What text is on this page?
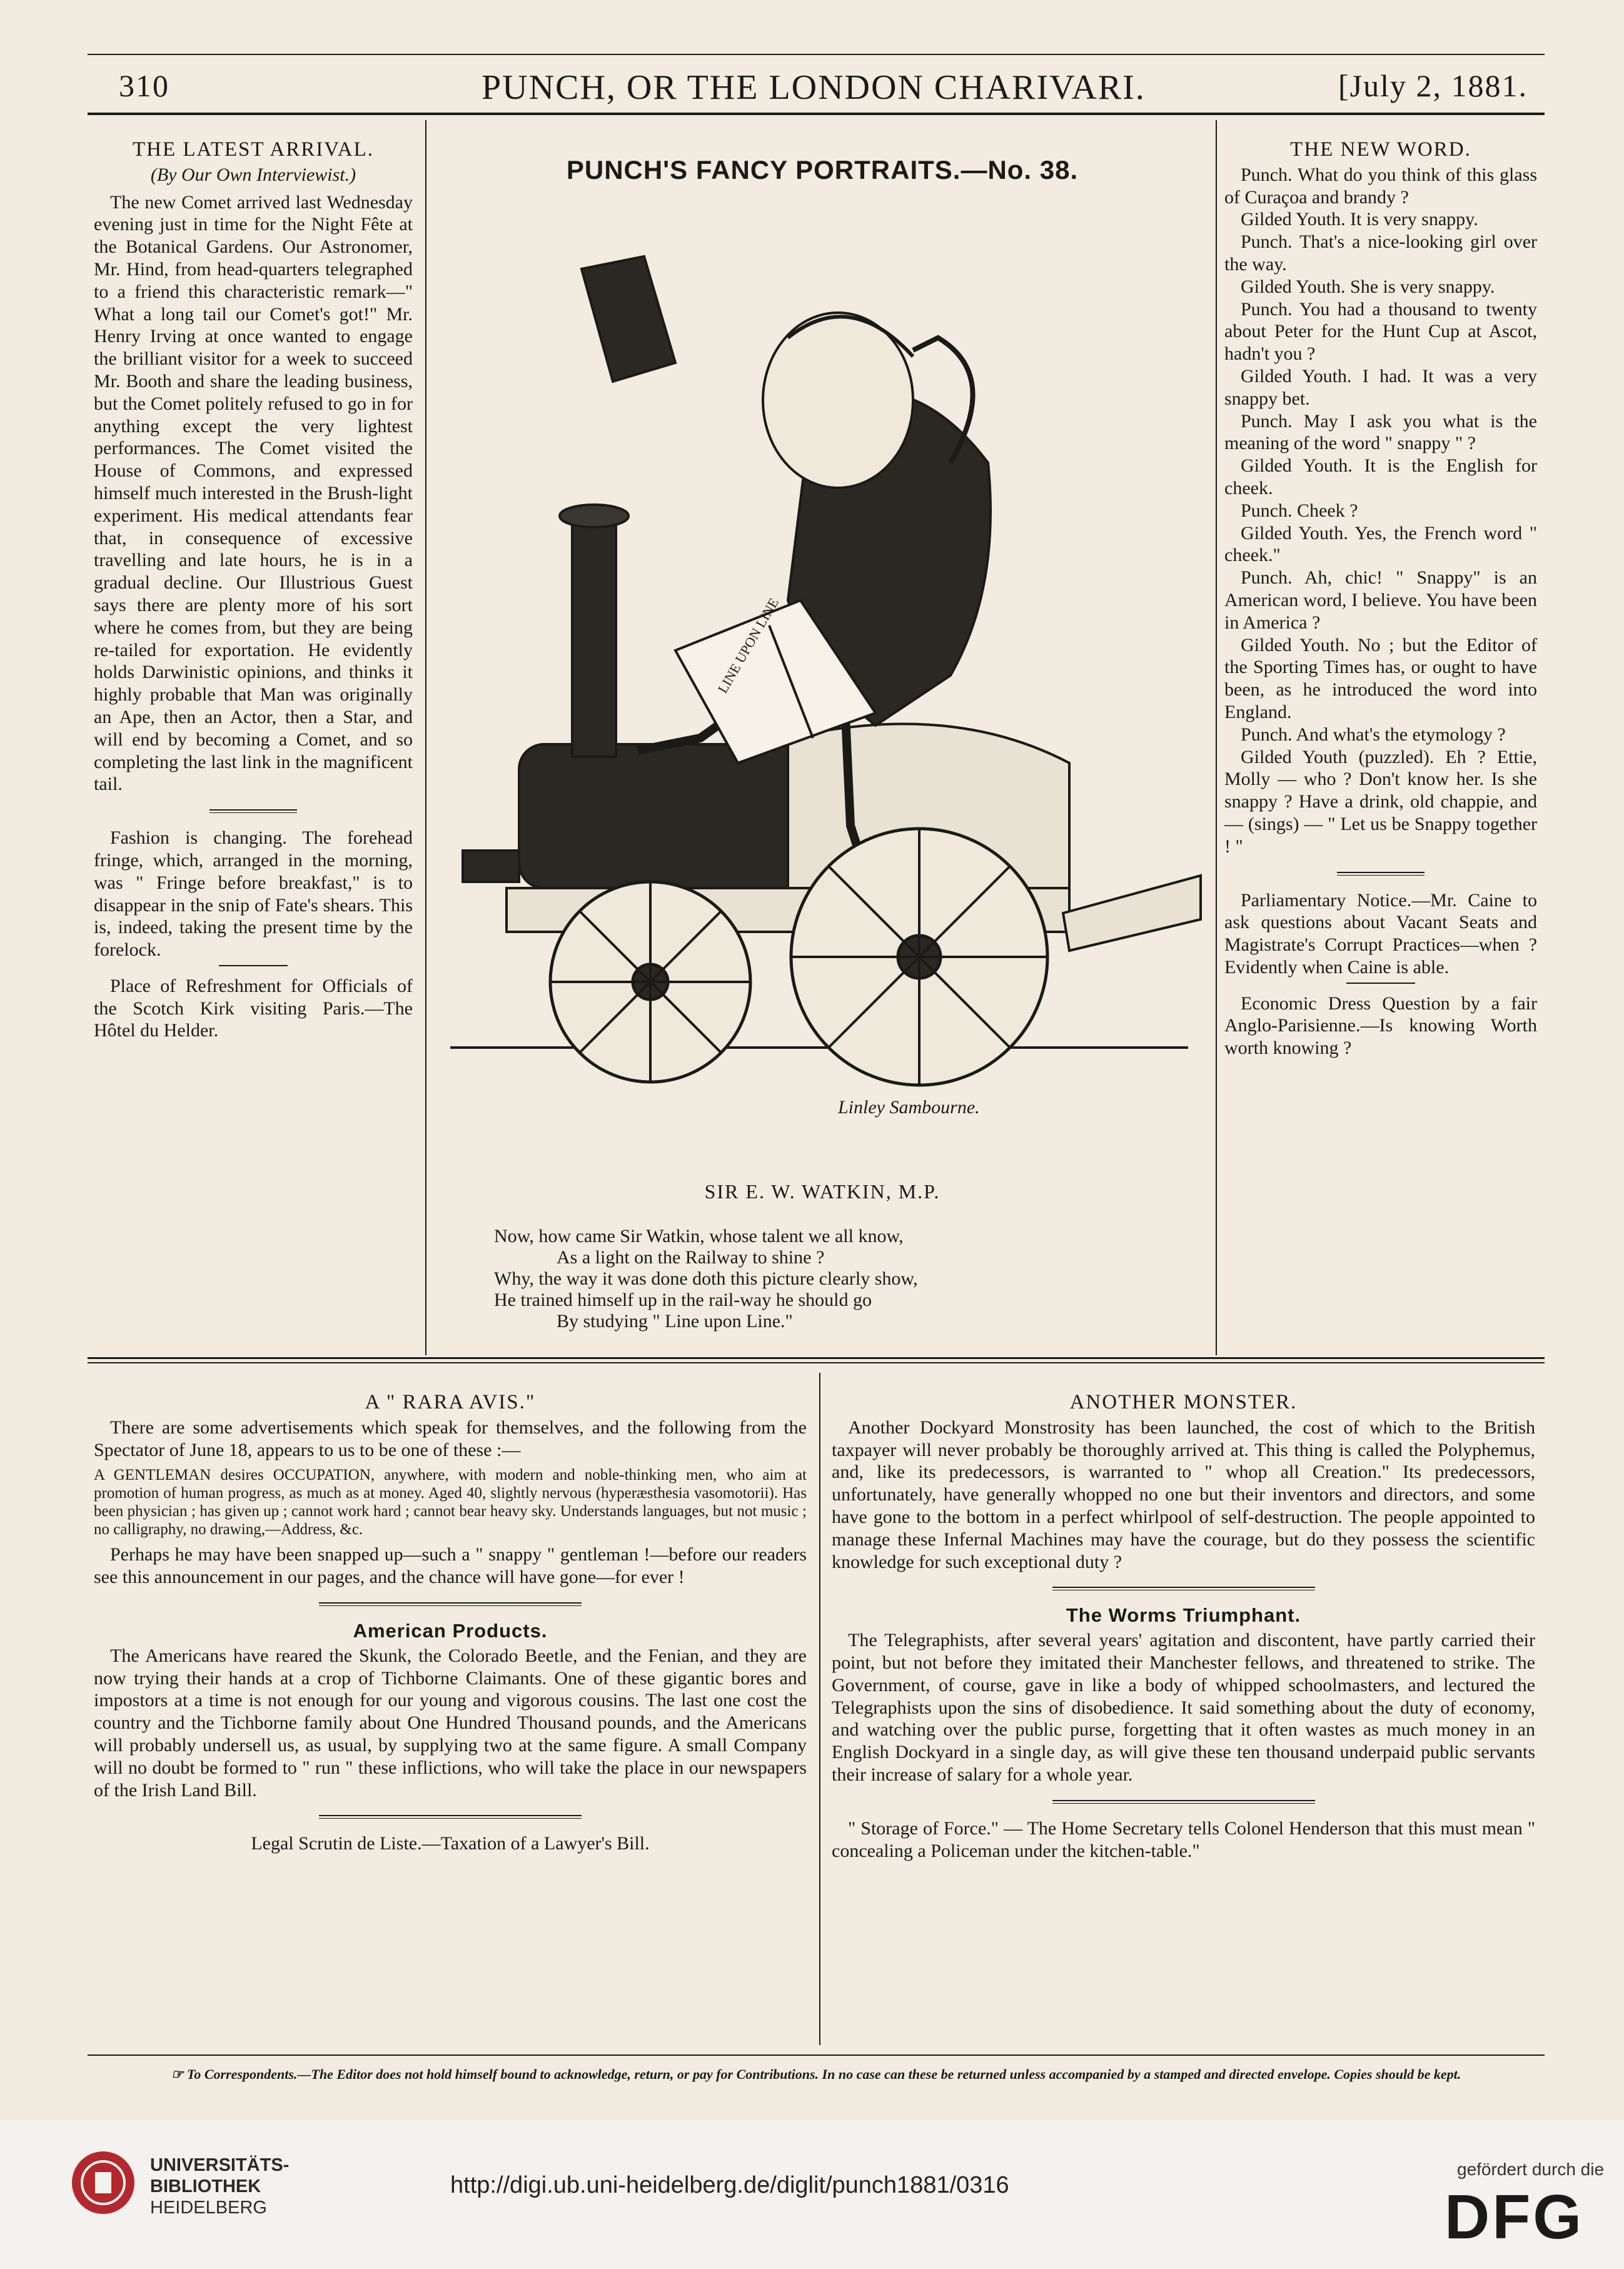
310	PUNCH, OR THE LONDON CHARIVARI.	[July 2, 1881.
THE LATEST ARRIVAL.
(By Our Own Interviewist.)

The new Comet arrived last Wednesday evening just in time for the Night Fête at the Botanical Gardens. Our Astronomer, Mr. Hind, from head-quarters telegraphed to a friend this characteristic remark—" What a long tail our Comet's got!" Mr. Henry Irving at once wanted to engage the brilliant visitor for a week to succeed Mr. Booth and share the leading business, but the Comet politely refused to go in for anything except the very lightest performances. The Comet visited the House of Commons, and expressed himself much interested in the Brush-light experiment. His medical attendants fear that, in consequence of excessive travelling and late hours, he is in a gradual decline. Our Illustrious Guest says there are plenty more of his sort where he comes from, but they are being re-tailed for exportation. He evidently holds Darwinistic opinions, and thinks it highly probable that Man was originally an Ape, then an Actor, then a Star, and will end by becoming a Comet, and so completing the last link in the magnificent tail.

Fashion is changing. The forehead fringe, which, arranged in the morning, was " Fringe before breakfast," is to disappear in the snip of Fate's shears. This is, indeed, taking the present time by the forelock.

Place of Refreshment for Officials of the Scotch Kirk visiting Paris.—The Hôtel du Helder.

PUNCH'S FANCY PORTRAITS.—No. 38.
LINE UPON LINE
Linley Sambourne.
SIR E. W. WATKIN, M.P.
Now, how came Sir Watkin, whose talent we all know,
As a light on the Railway to shine ?
Why, the way it was done doth this picture clearly show,
He trained himself up in the rail-way he should go
By studying " Line upon Line."
THE NEW WORD.

Punch. What do you think of this glass of Curaçoa and brandy ?

Gilded Youth. It is very snappy.

Punch. That's a nice-looking girl over the way.

Gilded Youth. She is very snappy.

Punch. You had a thousand to twenty about Peter for the Hunt Cup at Ascot, hadn't you ?

Gilded Youth. I had. It was a very snappy bet.

Punch. May I ask you what is the meaning of the word " snappy " ?

Gilded Youth. It is the English for cheek.

Punch. Cheek ?

Gilded Youth. Yes, the French word " cheek."

Punch. Ah, chic! " Snappy" is an American word, I believe. You have been in America ?

Gilded Youth. No ; but the Editor of the Sporting Times has, or ought to have been, as he introduced the word into England.

Punch. And what's the etymology ?

Gilded Youth (puzzled). Eh ? Ettie, Molly — who ? Don't know her. Is she snappy ? Have a drink, old chappie, and — (sings) — " Let us be Snappy together ! "

Parliamentary Notice.—Mr. Caine to ask questions about Vacant Seats and Magistrate's Corrupt Practices—when ? Evidently when Caine is able.

Economic Dress Question by a fair Anglo-Parisienne.—Is knowing Worth worth knowing ?

A " RARA AVIS."

There are some advertisements which speak for themselves, and the following from the Spectator of June 18, appears to us to be one of these :—

A GENTLEMAN desires OCCUPATION, anywhere, with modern and noble-thinking men, who aim at promotion of human progress, as much as at money. Aged 40, slightly nervous (hyperæsthesia vasomotorii). Has been physician ; has given up ; cannot work hard ; cannot bear heavy sky. Understands languages, but not music ; no calligraphy, no drawing,—Address, &c.

Perhaps he may have been snapped up—such a " snappy " gentleman !—before our readers see this announcement in our pages, and the chance will have gone—for ever !

American Products.

The Americans have reared the Skunk, the Colorado Beetle, and the Fenian, and they are now trying their hands at a crop of Tichborne Claimants. One of these gigantic bores and impostors at a time is not enough for our young and vigorous cousins. The last one cost the country and the Tichborne family about One Hundred Thousand pounds, and the Americans will probably undersell us, as usual, by supplying two at the same figure. A small Company will no doubt be formed to " run " these inflictions, who will take the place in our newspapers of the Irish Land Bill.

Legal Scrutin de Liste.—Taxation of a Lawyer's Bill.
ANOTHER MONSTER.

Another Dockyard Monstrosity has been launched, the cost of which to the British taxpayer will never probably be thoroughly arrived at. This thing is called the Polyphemus, and, like its predecessors, is warranted to " whop all Creation." Its predecessors, unfortunately, have generally whopped no one but their inventors and directors, and some have gone to the bottom in a perfect whirlpool of self-destruction. The people appointed to manage these Infernal Machines may have the courage, but do they possess the scientific knowledge for such exceptional duty ?

The Worms Triumphant.

The Telegraphists, after several years' agitation and discontent, have partly carried their point, but not before they imitated their Manchester fellows, and threatened to strike. The Government, of course, gave in like a body of whipped schoolmasters, and lectured the Telegraphists upon the sins of disobedience. It said something about the duty of economy, and watching over the public purse, forgetting that it often wastes as much money in an English Dockyard in a single day, as will give these ten thousand underpaid public servants their increase of salary for a whole year.

" Storage of Force." — The Home Secretary tells Colonel Henderson that this must mean " concealing a Policeman under the kitchen-table."

☞ To Correspondents.—The Editor does not hold himself bound to acknowledge, return, or pay for Contributions. In no case can these be returned unless accompanied by a stamped and directed envelope. Copies should be kept.
UNIVERSITÄTS-
BIBLIOTHEK
HEIDELBERG
http://digi.ub.uni-heidelberg.de/diglit/punch1881/0316
gefördert durch die
DFG
